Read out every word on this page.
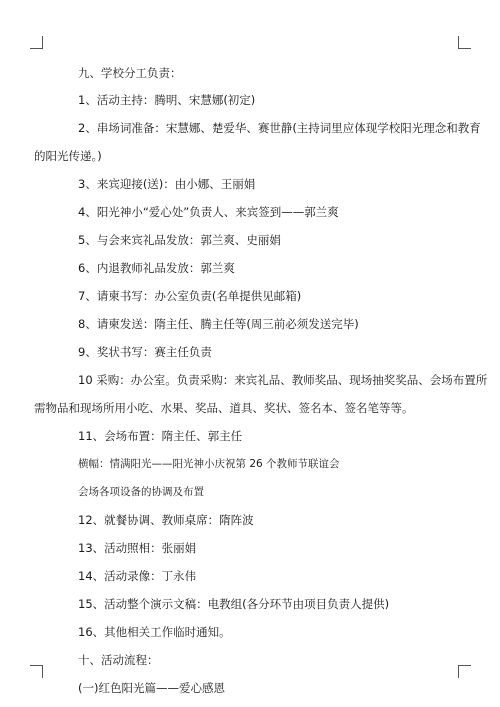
九、学校分工负责：
1、活动主持：腾明、宋慧娜(初定)
2、串场词准备：宋慧娜、楚爱华、赛世静(主持词里应体现学校阳光理念和教育
的阳光传递。)
3、来宾迎接(送)：由小娜、王丽娟
4、阳光神小“爱心处”负责人、来宾签到——郭兰爽
5、与会来宾礼品发放：郭兰爽、史丽娟
6、内退教师礼品发放：郭兰爽
7、请柬书写：办公室负责(名单提供见邮箱)
8、请柬发送：隋主任、腾主任等(周三前必须发送完毕)
9、奖状书写：赛主任负责
10 采购：办公室。负责采购：来宾礼品、教师奖品、现场抽奖奖品、会场布置所
需物品和现场所用小吃、水果、奖品、道具、奖状、签名本、签名笔等等。
11、会场布置：隋主任、郭主任
横幅：情满阳光——阳光神小庆祝第 26 个教师节联谊会
会场各项设备的协调及布置
12、就餐协调、教师桌席：隋阵波
13、活动照相：张丽娟
14、活动录像：丁永伟
15、活动整个演示文稿：电教组(各分环节由项目负责人提供)
16、其他相关工作临时通知。
十、活动流程：
(一)红色阳光篇——爱心感恩
